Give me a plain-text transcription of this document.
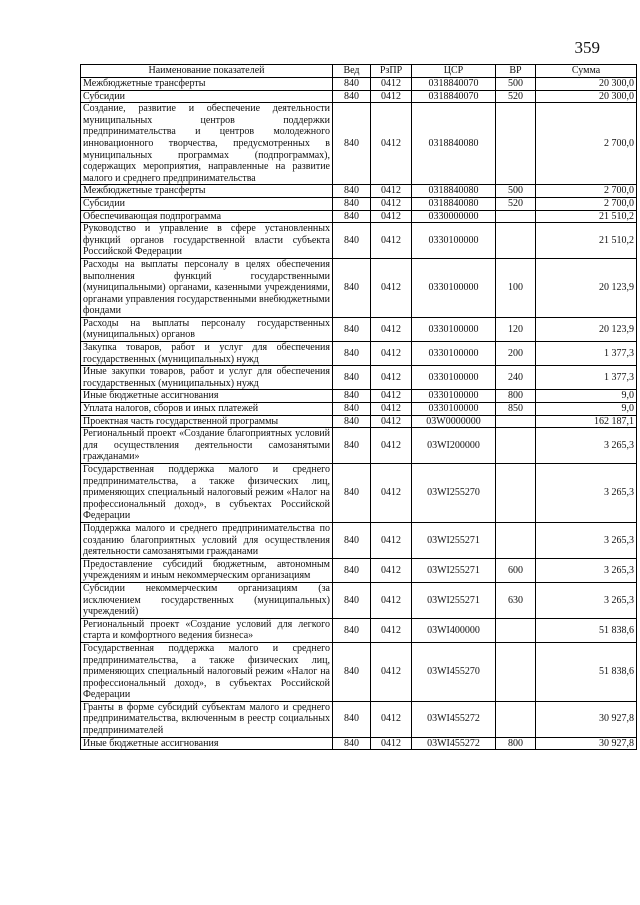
359
Наименование показателей	Вед	РзПР	ЦСР	ВР	Сумма
Межбюджетные трансферты	840	0412	0318840070	500	20 300,0
Субсидии	840	0412	0318840070	520	20 300,0
Создание, развитие и обеспечение деятельности муниципальных центров поддержки предпринимательства и центров молодежного инновационного творчества, предусмотренных в муниципальных программах (подпрограммах), содержащих мероприятия, направленные на развитие малого и среднего предпринимательства	840	0412	0318840080		2 700,0
Межбюджетные трансферты	840	0412	0318840080	500	2 700,0
Субсидии	840	0412	0318840080	520	2 700,0
Обеспечивающая подпрограмма	840	0412	0330000000		21 510,2
Руководство и управление в сфере установленных функций органов государственной власти субъекта Российской Федерации	840	0412	0330100000		21 510,2
Расходы на выплаты персоналу в целях обеспечения выполнения функций государственными (муниципальными) органами, казенными учреждениями, органами управления государственными внебюджетными фондами	840	0412	0330100000	100	20 123,9
Расходы на выплаты персоналу государственных (муниципальных) органов	840	0412	0330100000	120	20 123,9
Закупка товаров, работ и услуг для обеспечения государственных (муниципальных) нужд	840	0412	0330100000	200	1 377,3
Иные закупки товаров, работ и услуг для обеспечения государственных (муниципальных) нужд	840	0412	0330100000	240	1 377,3
Иные бюджетные ассигнования	840	0412	0330100000	800	9,0
Уплата налогов, сборов и иных платежей	840	0412	0330100000	850	9,0
Проектная часть государственной программы	840	0412	03W0000000		162 187,1
Региональный проект «Создание благоприятных условий для осуществления деятельности самозанятыми гражданами»	840	0412	03WI200000		3 265,3
Государственная поддержка малого и среднего предпринимательства, а также физических лиц, применяющих специальный налоговый режим «Налог на профессиональный доход», в субъектах Российской Федерации	840	0412	03WI255270		3 265,3
Поддержка малого и среднего предпринимательства по созданию благоприятных условий для осуществления деятельности самозанятыми гражданами	840	0412	03WI255271		3 265,3
Предоставление субсидий бюджетным, автономным учреждениям и иным некоммерческим организациям	840	0412	03WI255271	600	3 265,3
Субсидии некоммерческим организациям (за исключением государственных (муниципальных) учреждений)	840	0412	03WI255271	630	3 265,3
Региональный проект «Создание условий для легкого старта и комфортного ведения бизнеса»	840	0412	03WI400000		51 838,6
Государственная поддержка малого и среднего предпринимательства, а также физических лиц, применяющих специальный налоговый режим «Налог на профессиональный доход», в субъектах Российской Федерации	840	0412	03WI455270		51 838,6
Гранты в форме субсидий субъектам малого и среднего предпринимательства, включенным в реестр социальных предпринимателей	840	0412	03WI455272		30 927,8
Иные бюджетные ассигнования	840	0412	03WI455272	800	30 927,8
